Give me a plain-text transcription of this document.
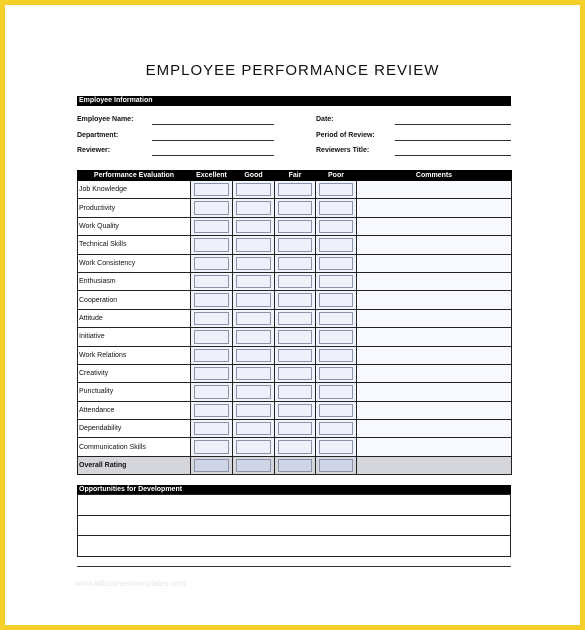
EMPLOYEE PERFORMANCE REVIEW
Employee Information
Employee Name:	Date:
Department:	Period of Review:
Reviewer:	Reviewers Title:
Performance Evaluation	Excellent	Good	Fair	Poor	Comments
Job Knowledge	

Productivity	

Work Quality	

Technical Skills	

Work Consistency	

Enthusiasm	

Cooperation	

Attitude	

Initiative	

Work Relations	

Creativity	

Punctuality	

Attendance	

Dependability	

Communication Skills	

Overall Rating	

Opportunities for Development

www.allbusinesstemplates.com
